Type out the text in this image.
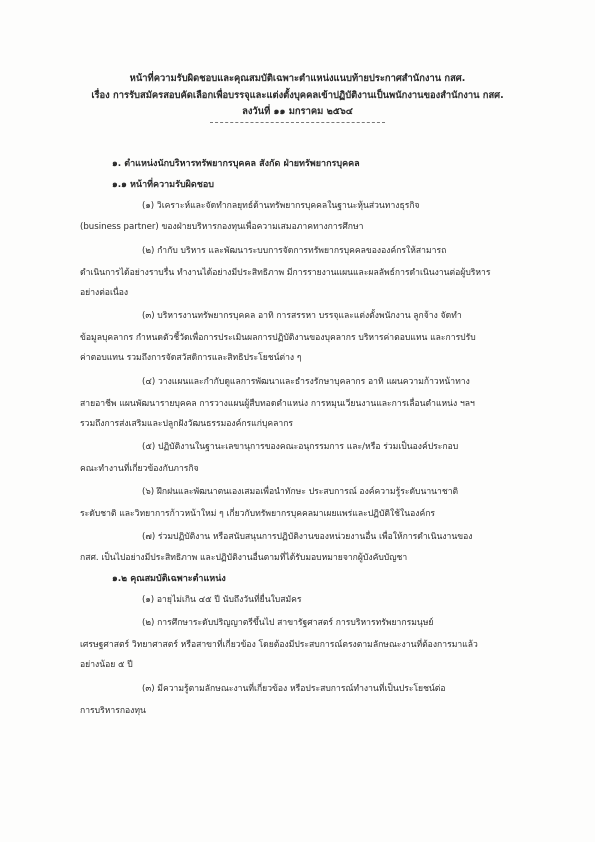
หน้าที่ความรับผิดชอบและคุณสมบัติเฉพาะตำแหน่งแนบท้ายประกาศสำนักงาน กสศ.
เรื่อง การรับสมัครสอบคัดเลือกเพื่อบรรจุและแต่งตั้งบุคคลเข้าปฏิบัติงานเป็นพนักงานของสำนักงาน กสศ.
ลงวันที่ ๑๑ มกราคม ๒๕๖๔
๑. ตำแหน่งนักบริหารทรัพยากรบุคคล สังกัด ฝ่ายทรัพยากรบุคคล
๑.๑ หน้าที่ความรับผิดชอบ
(๑) วิเคราะห์และจัดทำกลยุทธ์ด้านทรัพยากรบุคคลในฐานะหุ้นส่วนทางธุรกิจ
(business partner) ของฝ่ายบริหารกองทุนเพื่อความเสมอภาคทางการศึกษา
(๒) กำกับ บริหาร และพัฒนาระบบการจัดการทรัพยากรบุคคลขององค์กรให้สามารถ
ดำเนินการได้อย่างราบรื่น ทำงานได้อย่างมีประสิทธิภาพ มีการรายงานแผนและผลลัพธ์การดำเนินงานต่อผู้บริหาร
อย่างต่อเนื่อง
(๓) บริหารงานทรัพยากรบุคคล อาทิ การสรรหา บรรจุและแต่งตั้งพนักงาน ลูกจ้าง จัดทำ
ข้อมูลบุคลากร กำหนดตัวชี้วัดเพื่อการประเมินผลการปฏิบัติงานของบุคลากร บริหารค่าตอบแทน และการปรับ
ค่าตอบแทน รวมถึงการจัดสวัสดิการและสิทธิประโยชน์ต่าง ๆ
(๔) วางแผนและกำกับดูแลการพัฒนาและธำรงรักษาบุคลากร อาทิ แผนความก้าวหน้าทาง
สายอาชีพ แผนพัฒนารายบุคคล การวางแผนผู้สืบทอดตำแหน่ง การหมุนเวียนงานและการเลื่อนตำแหน่ง ฯลฯ
รวมถึงการส่งเสริมและปลูกฝังวัฒนธรรมองค์กรแก่บุคลากร
(๕) ปฏิบัติงานในฐานะเลขานุการของคณะอนุกรรมการ และ/หรือ ร่วมเป็นองค์ประกอบ
คณะทำงานที่เกี่ยวข้องกับภารกิจ
(๖) ฝึกฝนและพัฒนาตนเองเสมอเพื่อนำทักษะ ประสบการณ์ องค์ความรู้ระดับนานาชาติ
ระดับชาติ และวิทยาการก้าวหน้าใหม่ ๆ เกี่ยวกับทรัพยากรบุคคลมาเผยแพร่และปฏิบัติใช้ในองค์กร
(๗) ร่วมปฏิบัติงาน หรือสนับสนุนการปฏิบัติงานของหน่วยงานอื่น เพื่อให้การดำเนินงานของ
กสศ. เป็นไปอย่างมีประสิทธิภาพ และปฏิบัติงานอื่นตามที่ได้รับมอบหมายจากผู้บังคับบัญชา
๑.๒ คุณสมบัติเฉพาะตำแหน่ง
(๑) อายุไม่เกิน ๔๕ ปี นับถึงวันที่ยื่นใบสมัคร
(๒) การศึกษาระดับปริญญาตรีขึ้นไป สาขารัฐศาสตร์ การบริหารทรัพยากรมนุษย์
เศรษฐศาสตร์ วิทยาศาสตร์ หรือสาขาที่เกี่ยวข้อง โดยต้องมีประสบการณ์ตรงตามลักษณะงานที่ต้องการมาแล้ว
อย่างน้อย ๕ ปี
(๓) มีความรู้ตามลักษณะงานที่เกี่ยวข้อง หรือประสบการณ์ทำงานที่เป็นประโยชน์ต่อ
การบริหารกองทุน
